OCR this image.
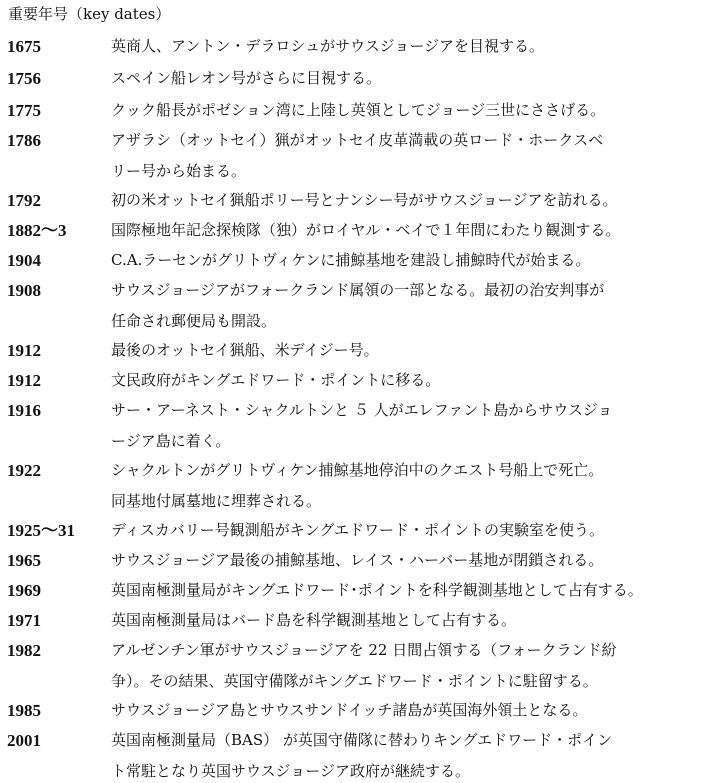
重要年号（key dates）
1675	英商人、アントン・デラロシュがサウスジョージアを目視する。
1756	スペイン船レオン号がさらに目視する。
1775	クック船長がポゼション湾に上陸し英領としてジョージ三世にささげる。
1786	アザラシ（オットセイ）猟がオットセイ皮革満載の英ロード・ホークスベ
リー号から始まる。
1792	初の米オットセイ猟船ポリー号とナンシー号がサウスジョージアを訪れる。
1882〜3	国際極地年記念探検隊（独）がロイヤル・ベイで１年間にわたり観測する。
1904	C.A.ラーセンがグリトヴィケンに捕鯨基地を建設し捕鯨時代が始まる。
1908	サウスジョージアがフォークランド属領の一部となる。最初の治安判事が
任命され郵便局も開設。
1912	最後のオットセイ猟船、米デイジー号。
1912	文民政府がキングエドワード・ポイントに移る。
1916	サー・アーネスト・シャクルトンと ５ 人がエレファント島からサウスジョ
ージア島に着く。
1922	シャクルトンがグリトヴィケン捕鯨基地停泊中のクエスト号船上で死亡。
同基地付属墓地に埋葬される。
1925〜31 ディスカバリー号観測船がキングエドワード・ポイントの実験室を使う。
1965	サウスジョージア最後の捕鯨基地、レイス・ハーバー基地が閉鎖される。
1969	英国南極測量局がキングエドワード･ポイントを科学観測基地として占有する。
1971	英国南極測量局はバード島を科学観測基地として占有する。
1982	アルゼンチン軍がサウスジョージアを 22 日間占領する（フォークランド紛
争）。その結果、英国守備隊がキングエドワード・ポイントに駐留する。
1985	サウスジョージア島とサウスサンドイッチ諸島が英国海外領土となる。
2001	英国南極測量局（BAS） が英国守備隊に替わりキングエドワード・ポイン
ト常駐となり英国サウスジョージア政府が継続する。
